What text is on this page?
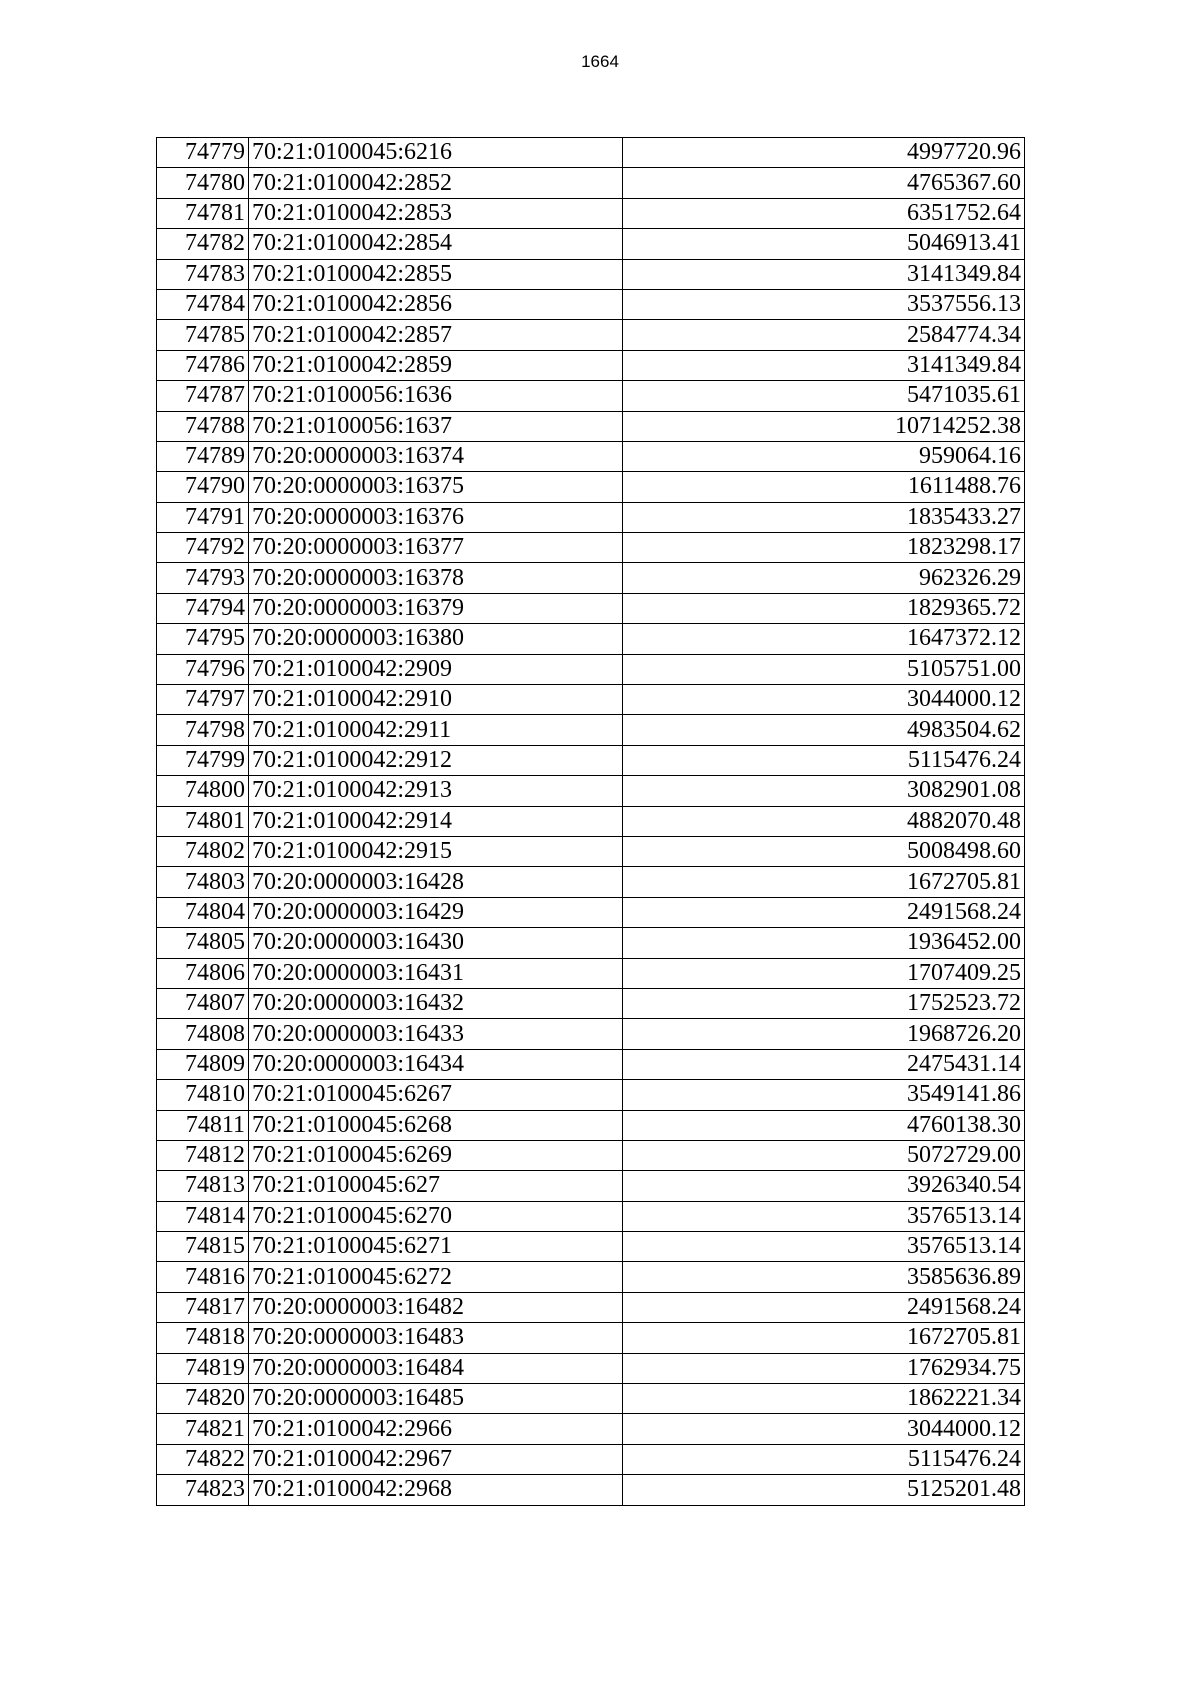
1664
74779	70:21:0100045:6216	4997720.96
74780	70:21:0100042:2852	4765367.60
74781	70:21:0100042:2853	6351752.64
74782	70:21:0100042:2854	5046913.41
74783	70:21:0100042:2855	3141349.84
74784	70:21:0100042:2856	3537556.13
74785	70:21:0100042:2857	2584774.34
74786	70:21:0100042:2859	3141349.84
74787	70:21:0100056:1636	5471035.61
74788	70:21:0100056:1637	10714252.38
74789	70:20:0000003:16374	959064.16
74790	70:20:0000003:16375	1611488.76
74791	70:20:0000003:16376	1835433.27
74792	70:20:0000003:16377	1823298.17
74793	70:20:0000003:16378	962326.29
74794	70:20:0000003:16379	1829365.72
74795	70:20:0000003:16380	1647372.12
74796	70:21:0100042:2909	5105751.00
74797	70:21:0100042:2910	3044000.12
74798	70:21:0100042:2911	4983504.62
74799	70:21:0100042:2912	5115476.24
74800	70:21:0100042:2913	3082901.08
74801	70:21:0100042:2914	4882070.48
74802	70:21:0100042:2915	5008498.60
74803	70:20:0000003:16428	1672705.81
74804	70:20:0000003:16429	2491568.24
74805	70:20:0000003:16430	1936452.00
74806	70:20:0000003:16431	1707409.25
74807	70:20:0000003:16432	1752523.72
74808	70:20:0000003:16433	1968726.20
74809	70:20:0000003:16434	2475431.14
74810	70:21:0100045:6267	3549141.86
74811	70:21:0100045:6268	4760138.30
74812	70:21:0100045:6269	5072729.00
74813	70:21:0100045:627	3926340.54
74814	70:21:0100045:6270	3576513.14
74815	70:21:0100045:6271	3576513.14
74816	70:21:0100045:6272	3585636.89
74817	70:20:0000003:16482	2491568.24
74818	70:20:0000003:16483	1672705.81
74819	70:20:0000003:16484	1762934.75
74820	70:20:0000003:16485	1862221.34
74821	70:21:0100042:2966	3044000.12
74822	70:21:0100042:2967	5115476.24
74823	70:21:0100042:2968	5125201.48
